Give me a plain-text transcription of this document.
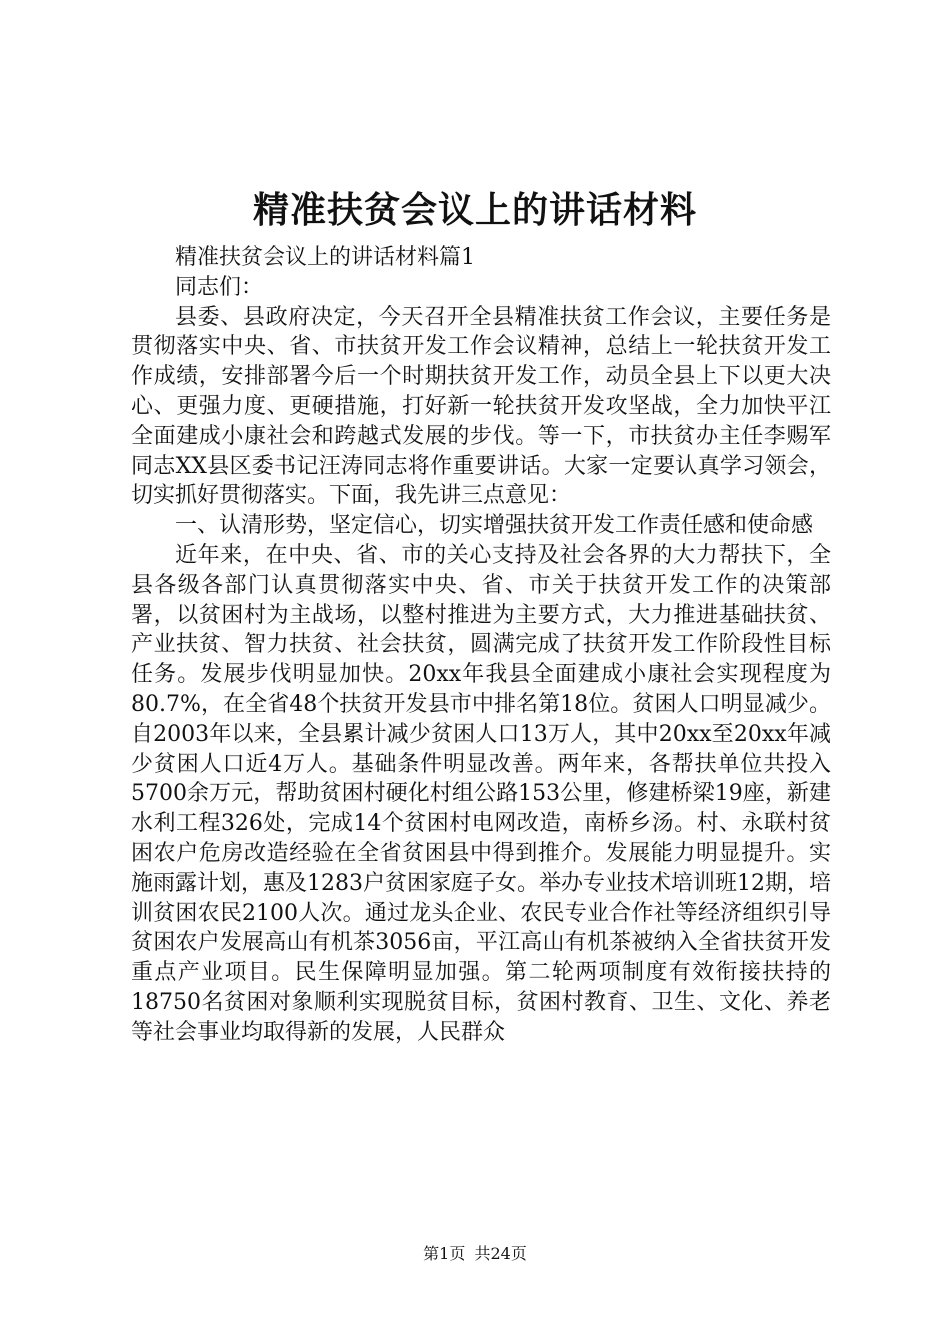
精准扶贫会议上的讲话材料

精准扶贫会议上的讲话材料篇1

同志们：

县委、县政府决定，今天召开全县精准扶贫工作会议，主要任务是贯彻落实中央、省、市扶贫开发工作会议精神，总结上一轮扶贫开发工作成绩，安排部署今后一个时期扶贫开发工作，动员全县上下以更大决心、更强力度、更硬措施，打好新一轮扶贫开发攻坚战，全力加快平江全面建成小康社会和跨越式发展的步伐。等一下，市扶贫办主任李赐军同志XX县区委书记汪涛同志将作重要讲话。大家一定要认真学习领会，切实抓好贯彻落实。下面，我先讲三点意见：

一、认清形势，坚定信心，切实增强扶贫开发工作责任感和使命感

近年来，在中央、省、市的关心支持及社会各界的大力帮扶下，全县各级各部门认真贯彻落实中央、省、市关于扶贫开发工作的决策部署，以贫困村为主战场，以整村推进为主要方式，大力推进基础扶贫、产业扶贫、智力扶贫、社会扶贫，圆满完成了扶贫开发工作阶段性目标任务。发展步伐明显加快。20xx年我县全面建成小康社会实现程度为80.7%，在全省48个扶贫开发县市中排名第18位。贫困人口明显减少。自2003年以来，全县累计减少贫困人口13万人，其中20xx至20xx年减少贫困人口近4万人。基础条件明显改善。两年来，各帮扶单位共投入5700余万元，帮助贫困村硬化村组公路153公里，修建桥梁19座，新建水利工程326处，完成14个贫困村电网改造，南桥乡汤。村、永联村贫困农户危房改造经验在全省贫困县中得到推介。发展能力明显提升。实施雨露计划，惠及1283户贫困家庭子女。举办专业技术培训班12期，培训贫困农民2100人次。通过龙头企业、农民专业合作社等经济组织引导贫困农户发展高山有机茶3056亩，平江高山有机茶被纳入全省扶贫开发重点产业项目。民生保障明显加强。第二轮两项制度有效衔接扶持的18750名贫困对象顺利实现脱贫目标，贫困村教育、卫生、文化、养老等社会事业均取得新的发展，人民群众

第1页 共24页
